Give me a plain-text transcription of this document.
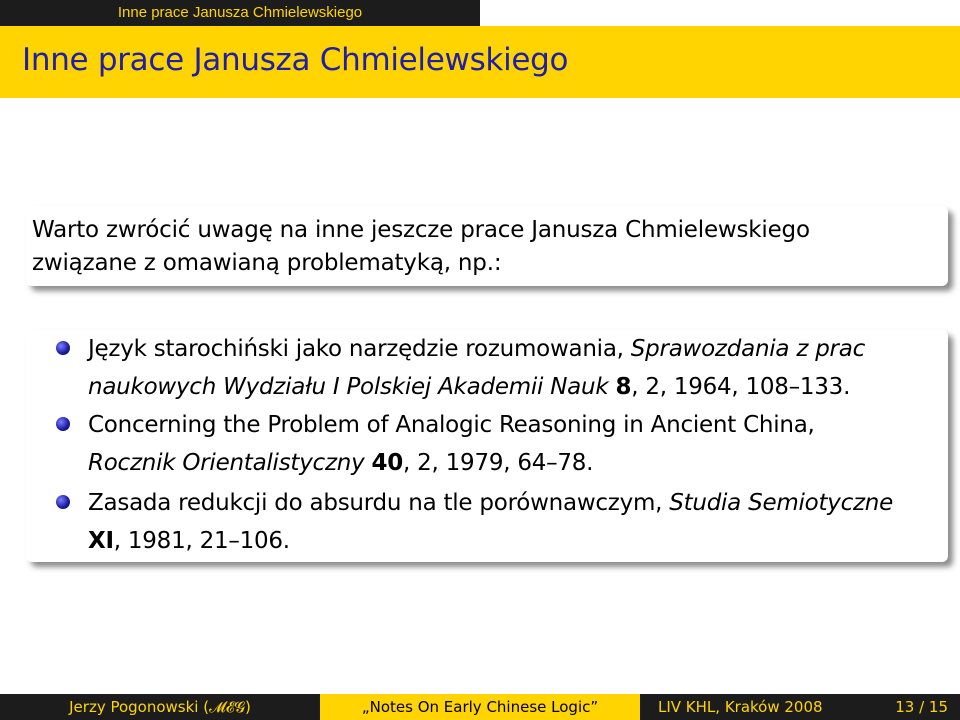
Inne prace Janusza Chmielewskiego
Inne prace Janusza Chmielewskiego
Warto zwrócić uwagę na inne jeszcze prace Janusza Chmielewskiego
związane z omawianą problematyką, np.:
Język starochiński jako narzędzie rozumowania, Sprawozdania z prac
naukowych Wydziału I Polskiej Akademii Nauk 8, 2, 1964, 108–133.
Concerning the Problem of Analogic Reasoning in Ancient China,
Rocznik Orientalistyczny 40, 2, 1979, 64–78.
Zasada redukcji do absurdu na tle porównawczym, Studia Semiotyczne
XI, 1981, 21–106.
Jerzy Pogonowski (𝓜𝓔𝓖)	„Notes On Early Chinese Logic”	LIV KHL, Kraków 2008	13 / 15
